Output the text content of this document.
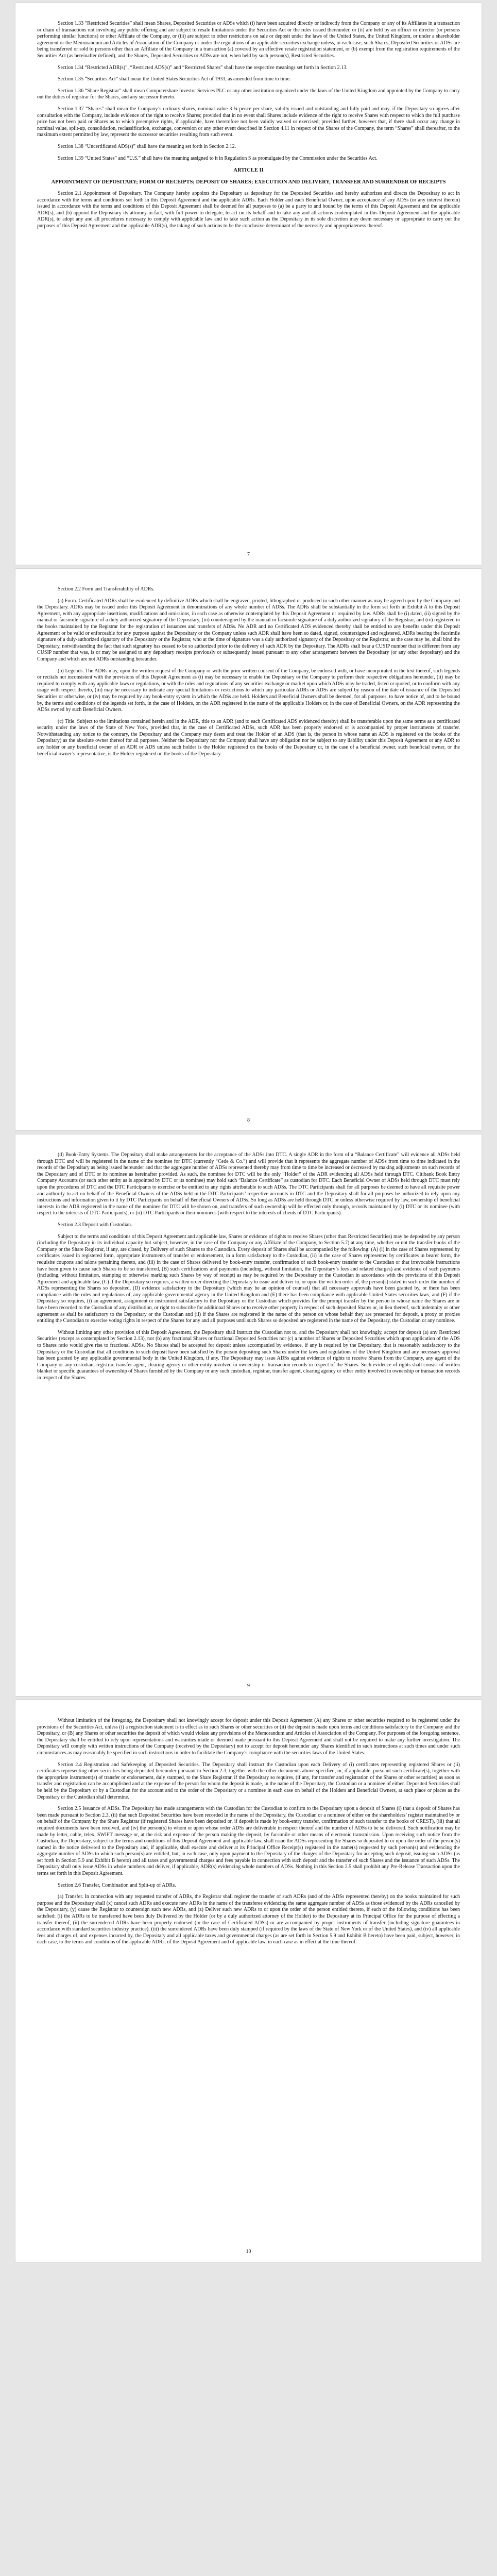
Section 1.33 “Restricted Securities” shall mean Shares, Deposited Securities or ADSs which (i) have been acquired directly or indirectly from the Company or any of its Affiliates in a transaction or chain of transactions not involving any public offering and are subject to resale limitations under the Securities Act or the rules issued thereunder, or (ii) are held by an officer or director (or persons performing similar functions) or other Affiliate of the Company, or (iii) are subject to other restrictions on sale or deposit under the laws of the United States, the United Kingdom, or under a shareholder agreement or the Memorandum and Articles of Association of the Company or under the regulations of an applicable securities exchange unless, in each case, such Shares, Deposited Securities or ADSs are being transferred or sold to persons other than an Affiliate of the Company in a transaction (a) covered by an effective resale registration statement, or (b) exempt from the registration requirements of the Securities Act (as hereinafter defined), and the Shares, Deposited Securities or ADSs are not, when held by such person(s), Restricted Securities.
Section 1.34 “Restricted ADR(s)”, “Restricted ADS(s)” and “Restricted Shares” shall have the respective meanings set forth in Section 2.13.
Section 1.35 “Securities Act” shall mean the United States Securities Act of 1933, as amended from time to time.
Section 1.36 “Share Registrar” shall mean Computershare Investor Services PLC or any other institution organized under the laws of the United Kingdom and appointed by the Company to carry out the duties of registrar for the Shares, and any successor thereto.
Section 1.37 “Shares” shall mean the Company’s ordinary shares, nominal value 3 ¼ pence per share, validly issued and outstanding and fully paid and may, if the Depositary so agrees after consultation with the Company, include evidence of the right to receive Shares; provided that in no event shall Shares include evidence of the right to receive Shares with respect to which the full purchase price has not been paid or Shares as to which preemptive rights, if applicable, have theretofore not been validly waived or exercised; provided further, however that, if there shall occur any change in nominal value, split-up, consolidation, reclassification, exchange, conversion or any other event described in Section 4.11 in respect of the Shares of the Company, the term “Shares” shall thereafter, to the maximum extent permitted by law, represent the successor securities resulting from such event.
Section 1.38 “Uncertificated ADS(s)” shall have the meaning set forth in Section 2.12.
Section 1.39 “United States” and “U.S.” shall have the meaning assigned to it in Regulation S as promulgated by the Commission under the Securities Act.
ARTICLE II
APPOINTMENT OF DEPOSITARY; FORM OF RECEIPTS; DEPOSIT OF SHARES; EXECUTION AND DELIVERY, TRANSFER AND SURRENDER OF RECEIPTS
Section 2.1 Appointment of Depositary. The Company hereby appoints the Depositary as depositary for the Deposited Securities and hereby authorizes and directs the Depositary to act in accordance with the terms and conditions set forth in this Deposit Agreement and the applicable ADRs. Each Holder and each Beneficial Owner, upon acceptance of any ADSs (or any interest therein) issued in accordance with the terms and conditions of this Deposit Agreement shall be deemed for all purposes to (a) be a party to and bound by the terms of this Deposit Agreement and the applicable ADR(s), and (b) appoint the Depositary its attorney-in-fact, with full power to delegate, to act on its behalf and to take any and all actions contemplated in this Deposit Agreement and the applicable ADR(s), to adopt any and all procedures necessary to comply with applicable law and to take such action as the Depositary in its sole discretion may deem necessary or appropriate to carry out the purposes of this Deposit Agreement and the applicable ADR(s), the taking of such actions to be the conclusive determinant of the necessity and appropriateness thereof.
7
Section 2.2 Form and Transferability of ADRs.
(a) Form. Certificated ADRs shall be evidenced by definitive ADRs which shall be engraved, printed, lithographed or produced in such other manner as may be agreed upon by the Company and the Depositary. ADRs may be issued under this Deposit Agreement in denominations of any whole number of ADSs. The ADRs shall be substantially in the form set forth in Exhibit A to this Deposit Agreement, with any appropriate insertions, modifications and omissions, in each case as otherwise contemplated by this Deposit Agreement or required by law. ADRs shall be (i) dated, (ii) signed by the manual or facsimile signature of a duly authorized signatory of the Depositary, (iii) countersigned by the manual or facsimile signature of a duly authorized signatory of the Registrar, and (iv) registered in the books maintained by the Registrar for the registration of issuances and transfers of ADSs. No ADR and no Certificated ADS evidenced thereby shall be entitled to any benefits under this Deposit Agreement or be valid or enforceable for any purpose against the Depositary or the Company unless such ADR shall have been so dated, signed, countersigned and registered. ADRs bearing the facsimile signature of a duly-authorized signatory of the Depositary or the Registrar, who at the time of signature was a duly authorized signatory of the Depositary or the Registrar, as the case may be, shall bind the Depositary, notwithstanding the fact that such signatory has ceased to be so authorized prior to the delivery of such ADR by the Depositary. The ADRs shall bear a CUSIP number that is different from any CUSIP number that was, is or may be assigned to any depositary receipts previously or subsequently issued pursuant to any other arrangement between the Depositary (or any other depositary) and the Company and which are not ADRs outstanding hereunder.
(b) Legends. The ADRs may, upon the written request of the Company or with the prior written consent of the Company, be endorsed with, or have incorporated in the text thereof, such legends or recitals not inconsistent with the provisions of this Deposit Agreement as (i) may be necessary to enable the Depositary or the Company to perform their respective obligations hereunder, (ii) may be required to comply with any applicable laws or regulations, or with the rules and regulations of any securities exchange or market upon which ADSs may be traded, listed or quoted, or to conform with any usage with respect thereto, (iii) may be necessary to indicate any special limitations or restrictions to which any particular ADRs or ADSs are subject by reason of the date of issuance of the Deposited Securities or otherwise, or (iv) may be required by any book-entry system in which the ADSs are held. Holders and Beneficial Owners shall be deemed, for all purposes, to have notice of, and to be bound by, the terms and conditions of the legends set forth, in the case of Holders, on the ADR registered in the name of the applicable Holders or, in the case of Beneficial Owners, on the ADR representing the ADSs owned by such Beneficial Owners.
(c) Title. Subject to the limitations contained herein and in the ADR, title to an ADR (and to each Certificated ADS evidenced thereby) shall be transferable upon the same terms as a certificated security under the laws of the State of New York, provided that, in the case of Certificated ADSs, such ADR has been properly endorsed or is accompanied by proper instruments of transfer. Notwithstanding any notice to the contrary, the Depositary and the Company may deem and treat the Holder of an ADS (that is, the person in whose name an ADS is registered on the books of the Depositary) as the absolute owner thereof for all purposes. Neither the Depositary nor the Company shall have any obligation nor be subject to any liability under this Deposit Agreement or any ADR to any holder or any beneficial owner of an ADR or ADS unless such holder is the Holder registered on the books of the Depositary or, in the case of a beneficial owner, such beneficial owner, or the beneficial owner’s representative, is the Holder registered on the books of the Depositary.
8
(d) Book-Entry Systems. The Depositary shall make arrangements for the acceptance of the ADSs into DTC. A single ADR in the form of a “Balance Certificate” will evidence all ADSs held through DTC and will be registered in the name of the nominee for DTC (currently “Cede & Co.”) and will provide that it represents the aggregate number of ADSs from time to time indicated in the records of the Depositary as being issued hereunder and that the aggregate number of ADSs represented thereby may from time to time be increased or decreased by making adjustments on such records of the Depositary and of DTC or its nominee as hereinafter provided. As such, the nominee for DTC will be the only “Holder” of the ADR evidencing all ADSs held through DTC. Citibank Book Entry Company Accounts (or such other entity as is appointed by DTC or its nominee) may hold such “Balance Certificate” as custodian for DTC. Each Beneficial Owner of ADSs held through DTC must rely upon the procedures of DTC and the DTC Participants to exercise or be entitled to any rights attributable to such ADSs. The DTC Participants shall for all purposes be deemed to have all requisite power and authority to act on behalf of the Beneficial Owners of the ADSs held in the DTC Participants’ respective accounts in DTC and the Depositary shall for all purposes be authorized to rely upon any instructions and information given to it by DTC Participants on behalf of Beneficial Owners of ADSs. So long as ADSs are held through DTC or unless otherwise required by law, ownership of beneficial interests in the ADR registered in the name of the nominee for DTC will be shown on, and transfers of such ownership will be effected only through, records maintained by (i) DTC or its nominee (with respect to the interests of DTC Participants), or (ii) DTC Participants or their nominees (with respect to the interests of clients of DTC Participants).
Section 2.3 Deposit with Custodian.
Subject to the terms and conditions of this Deposit Agreement and applicable law, Shares or evidence of rights to receive Shares (other than Restricted Securities) may be deposited by any person (including the Depositary in its individual capacity but subject, however, in the case of the Company or any Affiliate of the Company, to Section 5.7) at any time, whether or not the transfer books of the Company or the Share Registrar, if any, are closed, by Delivery of such Shares to the Custodian. Every deposit of Shares shall be accompanied by the following: (A) (i) in the case of Shares represented by certificates issued in registered form, appropriate instruments of transfer or endorsement, in a form satisfactory to the Custodian, (ii) in the case of Shares represented by certificates in bearer form, the requisite coupons and talons pertaining thereto, and (iii) in the case of Shares delivered by book-entry transfer, confirmation of such book-entry transfer to the Custodian or that irrevocable instructions have been given to cause such Shares to be so transferred, (B) such certifications and payments (including, without limitation, the Depositary’s fees and related charges) and evidence of such payments (including, without limitation, stamping or otherwise marking such Shares by way of receipt) as may be required by the Depositary or the Custodian in accordance with the provisions of this Deposit Agreement and applicable law, (C) if the Depositary so requires, a written order directing the Depositary to issue and deliver to, or upon the written order of, the person(s) stated in such order the number of ADSs representing the Shares so deposited, (D) evidence satisfactory to the Depositary (which may be an opinion of counsel) that all necessary approvals have been granted by, or there has been compliance with the rules and regulations of, any applicable governmental agency in the United Kingdom and (E) there has been compliance with applicable United States securities laws, and (F) if the Depositary so requires, (i) an agreement, assignment or instrument satisfactory to the Depositary or the Custodian which provides for the prompt transfer by the person in whose name the Shares are or have been recorded to the Custodian of any distribution, or right to subscribe for additional Shares or to receive other property in respect of such deposited Shares or, in lieu thereof, such indemnity or other agreement as shall be satisfactory to the Depositary or the Custodian and (ii) if the Shares are registered in the name of the person on whose behalf they are presented for deposit, a proxy or proxies entitling the Custodian to exercise voting rights in respect of the Shares for any and all purposes until such Shares so deposited are registered in the name of the Depositary, the Custodian or any nominee.
Without limiting any other provision of this Deposit Agreement, the Depositary shall instruct the Custodian not to, and the Depositary shall not knowingly, accept for deposit (a) any Restricted Securities (except as contemplated by Section 2.13), nor (b) any fractional Shares or fractional Deposited Securities nor (c) a number of Shares or Deposited Securities which upon application of the ADS to Shares ratio would give rise to fractional ADSs. No Shares shall be accepted for deposit unless accompanied by evidence, if any is required by the Depositary, that is reasonably satisfactory to the Depositary or the Custodian that all conditions to such deposit have been satisfied by the person depositing such Shares under the laws and regulations of the United Kingdom and any necessary approval has been granted by any applicable governmental body in the United Kingdom, if any. The Depositary may issue ADSs against evidence of rights to receive Shares from the Company, any agent of the Company or any custodian, registrar, transfer agent, clearing agency or other entity involved in ownership or transaction records in respect of the Shares. Such evidence of rights shall consist of written blanket or specific guarantees of ownership of Shares furnished by the Company or any such custodian, registrar, transfer agent, clearing agency or other entity involved in ownership or transaction records in respect of the Shares.
9
Without limitation of the foregoing, the Depositary shall not knowingly accept for deposit under this Deposit Agreement (A) any Shares or other securities required to be registered under the provisions of the Securities Act, unless (i) a registration statement is in effect as to such Shares or other securities or (ii) the deposit is made upon terms and conditions satisfactory to the Company and the Depositary, or (B) any Shares or other securities the deposit of which would violate any provisions of the Memorandum and Articles of Association of the Company. For purposes of the foregoing sentence, the Depositary shall be entitled to rely upon representations and warranties made or deemed made pursuant to this Deposit Agreement and shall not be required to make any further investigation. The Depositary will comply with written instructions of the Company (received by the Depositary) not to accept for deposit hereunder any Shares identified in such instructions at such times and under such circumstances as may reasonably be specified in such instructions in order to facilitate the Company’s compliance with the securities laws of the United States.
Section 2.4 Registration and Safekeeping of Deposited Securities. The Depositary shall instruct the Custodian upon each Delivery of (i) certificates representing registered Shares or (ii) certificates representing other securities being deposited hereunder pursuant to Section 2.3, together with the other documents above specified, or, if applicable, pursuant such certificate(s), together with the appropriate instrument(s) of transfer or endorsement, duly stamped, to the Share Registrar, if the Depositary so requires, (if any, for transfer and registration of the Shares or other securities) as soon as transfer and registration can be accomplished and at the expense of the person for whom the deposit is made, in the name of the Depositary, the Custodian or a nominee of either. Deposited Securities shall be held by the Depositary or by a Custodian for the account and to the order of the Depositary or a nominee in each case on behalf of the Holders and Beneficial Owners, at such place or places as the Depositary or the Custodian shall determine.
Section 2.5 Issuance of ADSs. The Depositary has made arrangements with the Custodian for the Custodian to confirm to the Depositary upon a deposit of Shares (i) that a deposit of Shares has been made pursuant to Section 2.3, (ii) that such Deposited Securities have been recorded in the name of the Depositary, the Custodian or a nominee of either on the shareholders’ register maintained by or on behalf of the Company by the Share Registrar (if registered Shares have been deposited or, if deposit is made by book-entry transfer, confirmation of such transfer to the books of CREST), (iii) that all required documents have been received, and (iv) the person(s) to whom or upon whose order ADSs are deliverable in respect thereof and the number of ADSs to be so delivered. Such notification may be made by letter, cable, telex, SWIFT message or, at the risk and expense of the person making the deposit, by facsimile or other means of electronic transmission. Upon receiving such notice from the Custodian, the Depositary, subject to the terms and conditions of this Deposit Agreement and applicable law, shall issue the ADSs representing the Shares so deposited to or upon the order of the person(s) named in the notice delivered to the Depositary and, if applicable, shall execute and deliver at its Principal Office Receipt(s) registered in the name(s) requested by such person(s) and evidencing the aggregate number of ADSs to which such person(s) are entitled, but, in each case, only upon payment to the Depositary of the charges of the Depositary for accepting such deposit, issuing such ADSs (as set forth in Section 5.9 and Exhibit B hereto) and all taxes and governmental charges and fees payable in connection with such deposit and the transfer of such Shares and the issuance of such ADSs. The Depositary shall only issue ADSs in whole numbers and deliver, if applicable, ADR(s) evidencing whole numbers of ADSs. Nothing in this Section 2.5 shall prohibit any Pre-Release Transaction upon the terms set forth in this Deposit Agreement.
Section 2.6 Transfer, Combination and Split-up of ADRs.
(a) Transfer. In connection with any requested transfer of ADRs, the Registrar shall register the transfer of such ADRs (and of the ADSs represented thereby) on the books maintained for such purpose and the Depositary shall (x) cancel such ADRs and execute new ADRs in the name of the transferee evidencing the same aggregate number of ADSs as those evidenced by the ADRs cancelled by the Depositary, (y) cause the Registrar to countersign such new ADRs, and (z) Deliver such new ADRs to or upon the order of the person entitled thereto, if each of the following conditions has been satisfied: (i) the ADRs to be transferred have been duly Delivered by the Holder (or by a duly authorized attorney of the Holder) to the Depositary at its Principal Office for the purpose of effecting a transfer thereof, (ii) the surrendered ADRs have been properly endorsed (in the case of Certificated ADSs) or are accompanied by proper instruments of transfer (including signature guarantees in accordance with standard securities industry practice), (iii) the surrendered ADRs have been duly stamped (if required by the laws of the State of New York or of the United States), and (iv) all applicable fees and charges of, and expenses incurred by, the Depositary and all applicable taxes and governmental charges (as are set forth in Section 5.9 and Exhibit B hereto) have been paid, subject, however, in each case, to the terms and conditions of the applicable ADRs, of the Deposit Agreement and of applicable law, in each case as in effect at the time thereof.
10
